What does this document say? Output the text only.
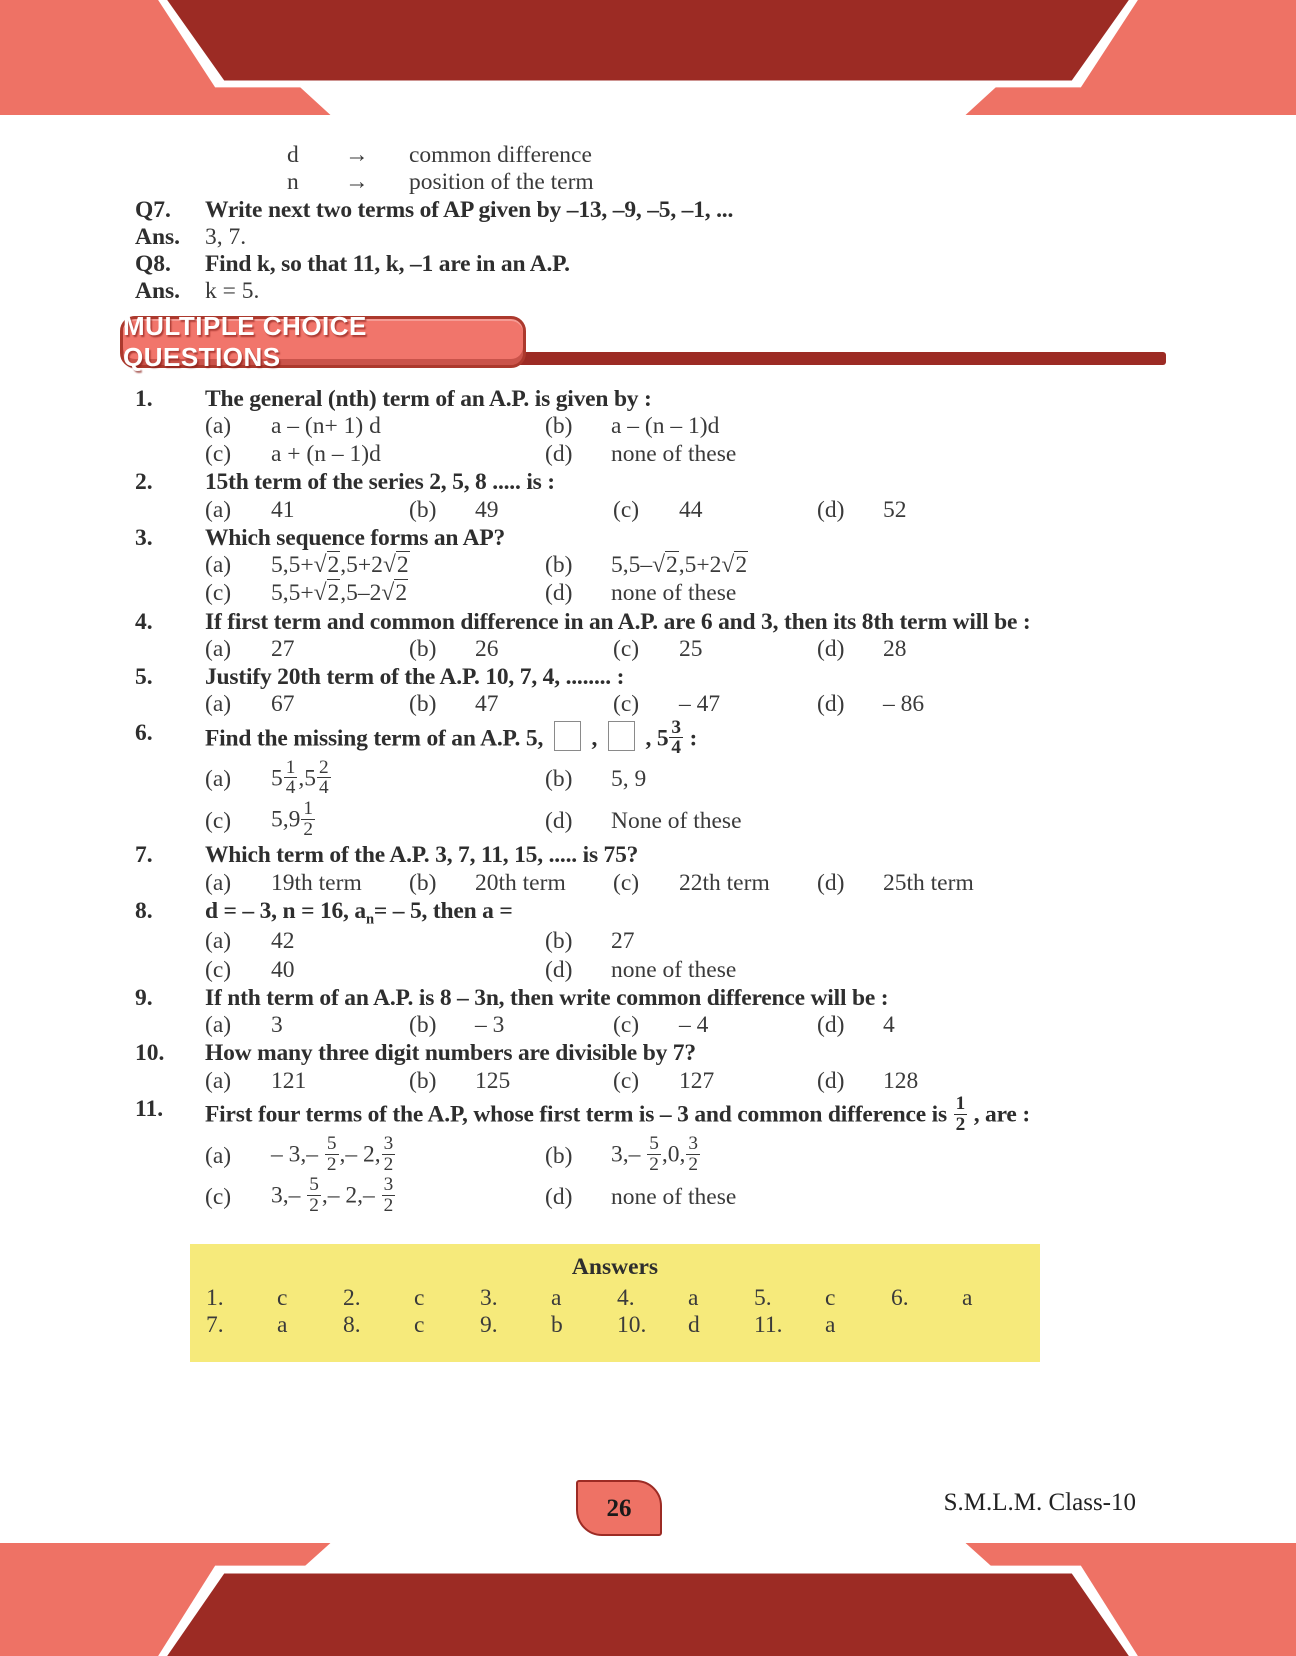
d	→	common difference
n	→	position of the term
Q7.	Write next two terms of AP given by –13, –9, –5, –1, ...
Ans.	3, 7.
Q8.	Find k, so that 11, k, –1 are in an A.P.
Ans.	k = 5.
MULTIPLE CHOICE QUESTIONS
1.	The general (nth) term of an A.P. is given by :
(a)	a – (n+ 1) d	(b)	a – (n – 1)d
(c)	a + (n – 1)d	(d)	none of these
2.	15th term of the series 2, 5, 8 ..... is :
(a)	41	(b)	49	(c)	44	(d)	52
3.	Which sequence forms an AP?
(a)	5,5+√2,5+2√2	(b)	5,5–√2,5+2√2
(c)	5,5+√2,5–2√2	(d)	none of these
4.	If first term and common difference in an A.P. are 6 and 3, then its 8th term will be :
(a)	27	(b)	26	(c)	25	(d)	28
5.	Justify 20th term of the A.P. 10, 7, 4, ........ :
(a)	67	(b)	47	(c)	– 47	(d)	– 86
6.	Find the missing term of an A.P. 5,  ,  , $5 \frac{3}{4}$ :
(a)	$5 \frac{1}{4} ,5 \frac{2}{4}$	(b)	5, 9
(c)	$5,9 \frac{1}{2}$	(d)	None of these
7.	Which term of the A.P. 3, 7, 11, 15, ..... is 75?
(a)	19th term	(b)	20th term	(c)	22th term	(d)	25th term
8.	d = – 3, n = 16, $a_n= - 5$, then a =
(a)	42	(b)	27
(c)	40	(d)	none of these
9.	If nth term of an A.P. is 8 – 3n, then write common difference will be :
(a)	3	(b)	– 3	(c)	– 4	(d)	4
10.	How many three digit numbers are divisible by 7?
(a)	121	(b)	125	(c)	127	(d)	128
11.	First four terms of the A.P, whose first term is – 3 and common difference is $\frac{1}{2}$ , are :
(a)	– $3,- \frac{5}{2}$ ,– 2, $\frac{3}{2}$	(b)	$3,- \frac{5}{2} ,0$, $\frac{3}{2}$
(c)	$3,- \frac{5}{2}$ ,– $2,- \frac{3}{2}$	(d)	none of these
Answers
1.	c	2.	c	3.	a	4.	a	5.	c	6.	a
7.	a	8.	c	9.	b	10.	d	11.	a
26	S.M.L.M. Class-10
